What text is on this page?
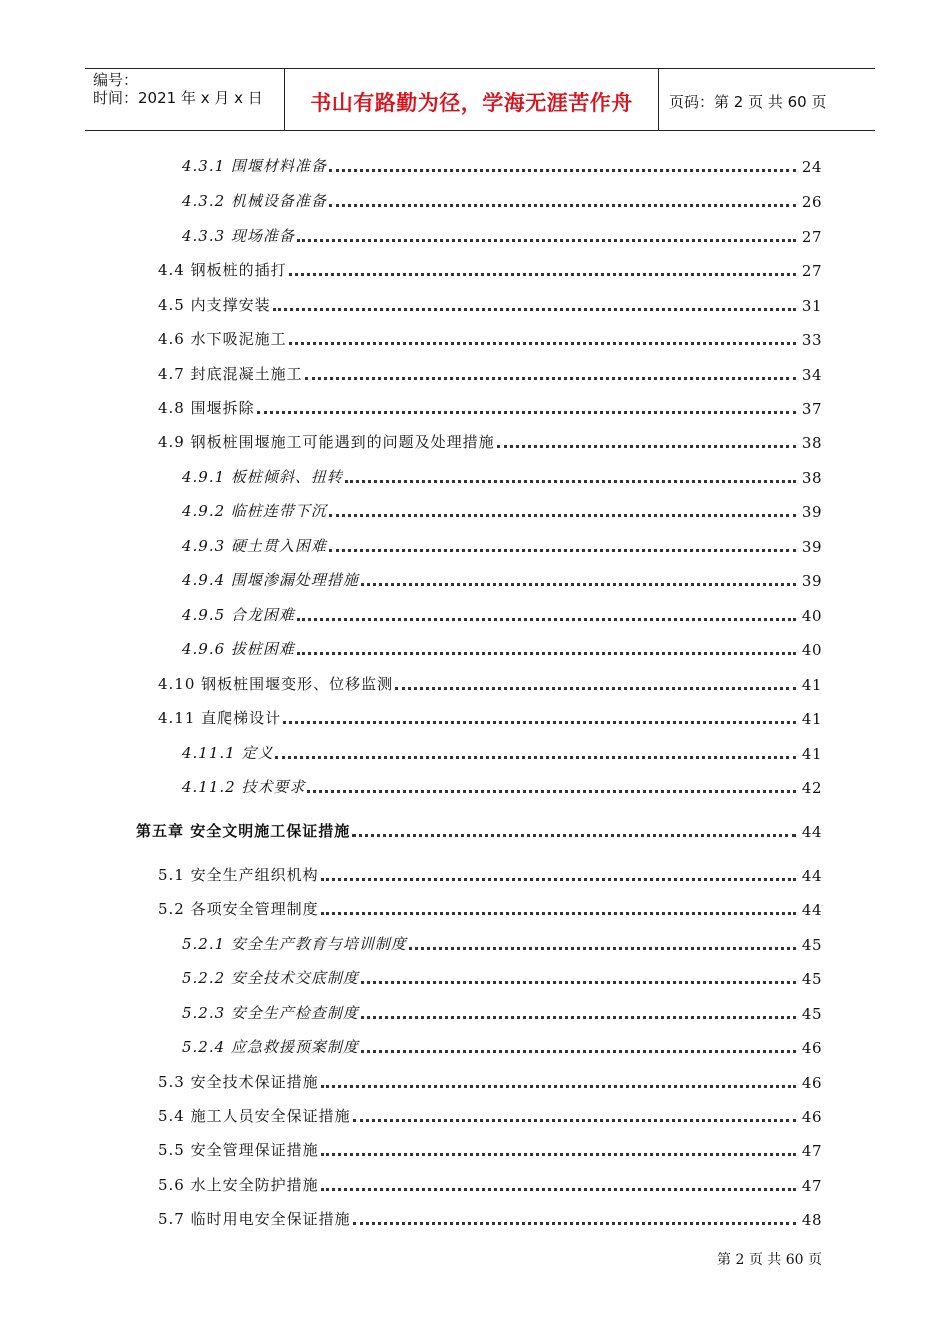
编号：
时间：2021 年 x 月 x 日	书山有路勤为径，学海无涯苦作舟	页码：第 2 页 共 60 页
4.3.1 围堰材料准备	24
4.3.2 机械设备准备	26
4.3.3 现场准备	27
4.4 钢板桩的插打	27
4.5 内支撑安装	31
4.6 水下吸泥施工	33
4.7 封底混凝土施工	34
4.8 围堰拆除	37
4.9 钢板桩围堰施工可能遇到的问题及处理措施	38
4.9.1 板桩倾斜、扭转	38
4.9.2 临桩连带下沉	39
4.9.3 硬土贯入困难	39
4.9.4 围堰渗漏处理措施	39
4.9.5 合龙困难	40
4.9.6 拔桩困难	40
4.10 钢板桩围堰变形、位移监测	41
4.11 直爬梯设计	41
4.11.1 定义	41
4.11.2 技术要求	42
第五章 安全文明施工保证措施	44
5.1 安全生产组织机构	44
5.2 各项安全管理制度	44
5.2.1 安全生产教育与培训制度	45
5.2.2 安全技术交底制度	45
5.2.3 安全生产检查制度	45
5.2.4 应急救援预案制度	46
5.3 安全技术保证措施	46
5.4 施工人员安全保证措施	46
5.5 安全管理保证措施	47
5.6 水上安全防护措施	47
5.7 临时用电安全保证措施	48
第 2 页 共 60 页
